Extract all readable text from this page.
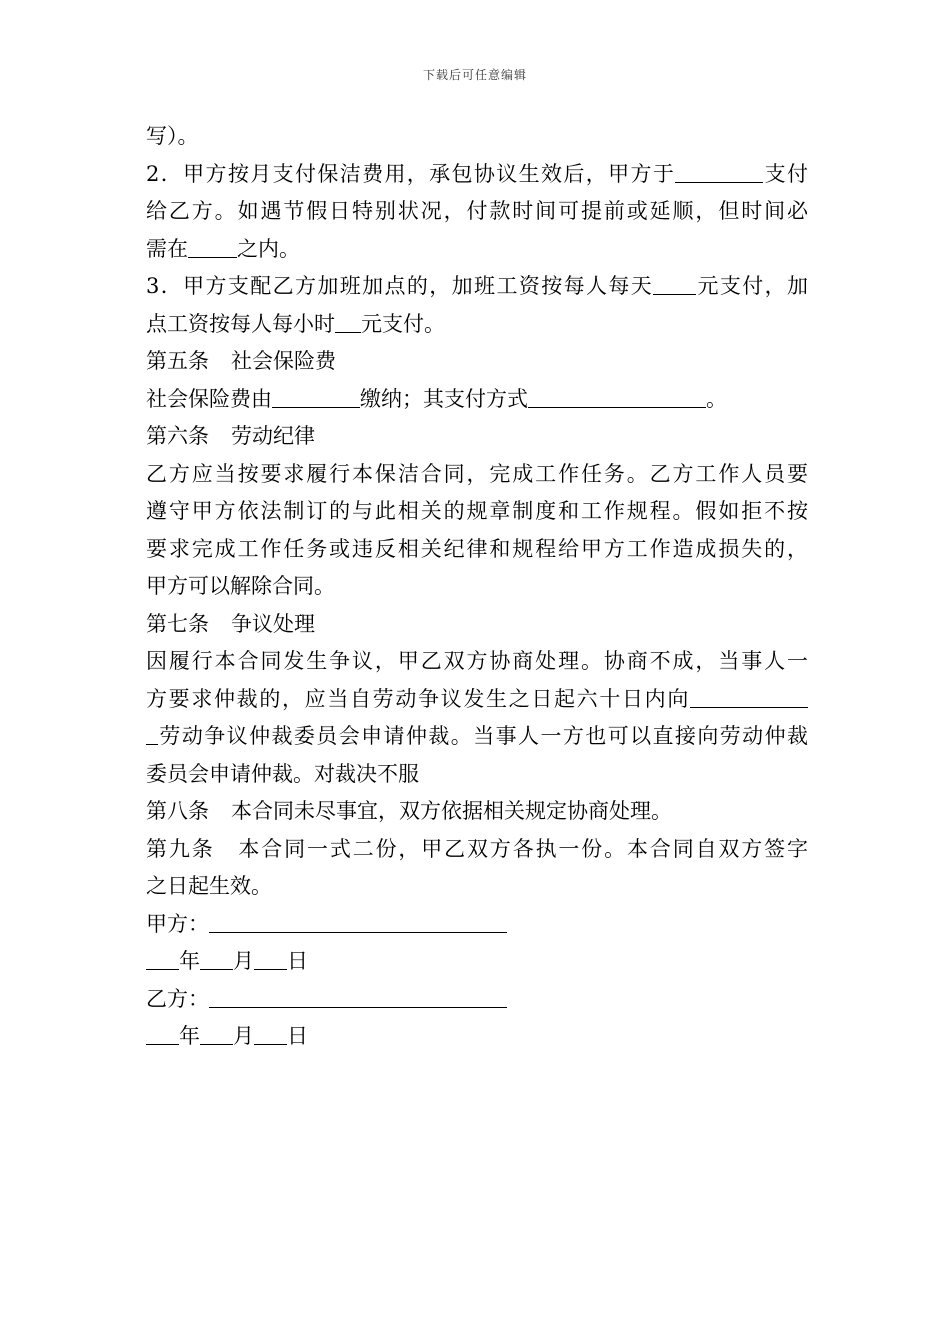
下载后可任意编辑
写）。
2．甲方按月支付保洁费用，承包协议生效后，甲方于	支付
给乙方。如遇节假日特别状况，付款时间可提前或延顺，但时间必
需在 之内。
3．甲方支配乙方加班加点的，加班工资按每人每天 元支付，加
点工资按每人每小时 元支付。
第五条 社会保险费
社会保险费由	缴纳；其支付方式	。
第六条 劳动纪律
乙方应当按要求履行本保洁合同，完成工作任务。乙方工作人员要
遵守甲方依法制订的与此相关的规章制度和工作规程。假如拒不按
要求完成工作任务或违反相关纪律和规程给甲方工作造成损失的，
甲方可以解除合同。
第七条 争议处理
因履行本合同发生争议，甲乙双方协商处理。协商不成，当事人一
方要求仲裁的，应当自劳动争议发生之日起六十日内向
劳动争议仲裁委员会申请仲裁。当事人一方也可以直接向劳动仲裁
委员会申请仲裁。对裁决不服
第八条 本合同未尽事宜，双方依据相关规定协商处理。
第九条 本合同一式二份，甲乙双方各执一份。本合同自双方签字
之日起生效。
甲方：
年 月 日
乙方：
年 月 日
